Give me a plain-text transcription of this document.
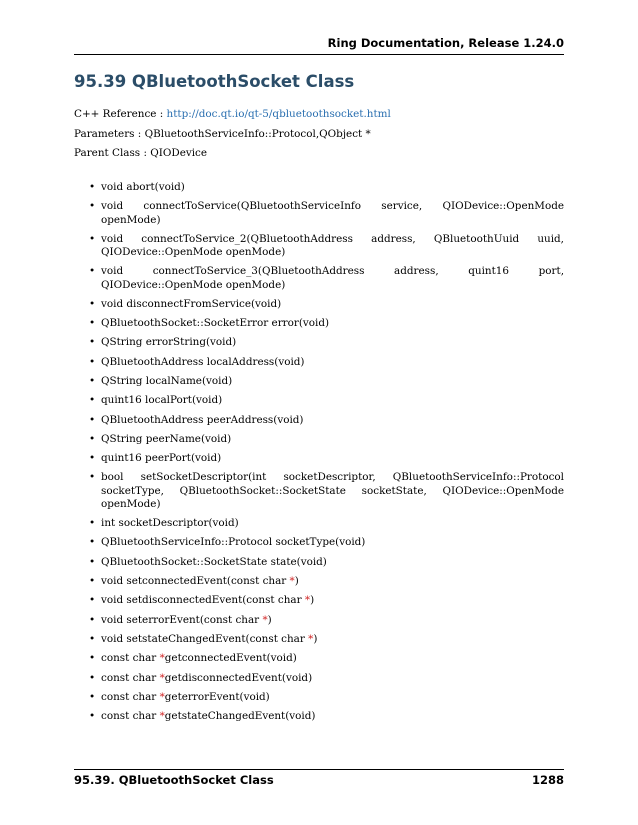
Ring Documentation, Release 1.24.0
95.39 QBluetoothSocket Class
C++ Reference : http://doc.qt.io/qt-5/qbluetoothsocket.html
Parameters : QBluetoothServiceInfo::Protocol,QObject *
Parent Class : QIODevice
• void abort(void)
• void connectToService(QBluetoothServiceInfo service, QIODevice::OpenMode openMode)
• void connectToService_2(QBluetoothAddress address, QBluetoothUuid uuid, QIODevice::OpenMode openMode)
• void connectToService_3(QBluetoothAddress address, quint16 port, QIODevice::OpenMode openMode)
• void disconnectFromService(void)
• QBluetoothSocket::SocketError error(void)
• QString errorString(void)
• QBluetoothAddress localAddress(void)
• QString localName(void)
• quint16 localPort(void)
• QBluetoothAddress peerAddress(void)
• QString peerName(void)
• quint16 peerPort(void)
• bool setSocketDescriptor(int socketDescriptor, QBluetoothServiceInfo::Protocol socketType, QBluetoothSocket::SocketState socketState, QIODevice::OpenMode openMode)
• int socketDescriptor(void)
• QBluetoothServiceInfo::Protocol socketType(void)
• QBluetoothSocket::SocketState state(void)
• void setconnectedEvent(const char *)
• void setdisconnectedEvent(const char *)
• void seterrorEvent(const char *)
• void setstateChangedEvent(const char *)
• const char *getconnectedEvent(void)
• const char *getdisconnectedEvent(void)
• const char *geterrorEvent(void)
• const char *getstateChangedEvent(void)
95.39. QBluetoothSocket Class	1288
